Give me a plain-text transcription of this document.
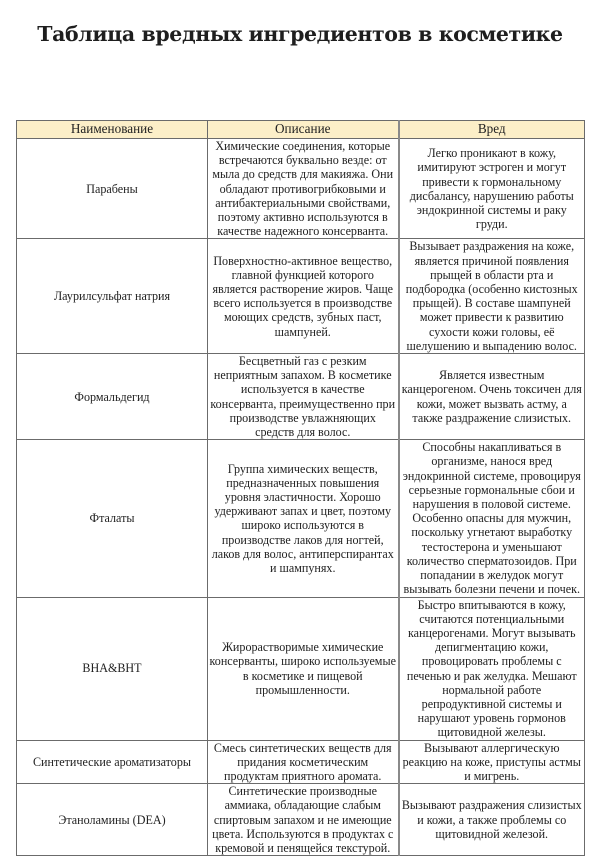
Таблица вредных ингредиентов в косметике
Наименование	Описание	Вред
Парабены	Химические соединения, которые встречаются буквально везде: от мыла до средств для макияжа. Они обладают противогрибковыми и антибактериальными свойствами, поэтому активно используются в качестве надежного консерванта.	Легко проникают в кожу, имитируют эстроген и могут привести к гормональному дисбалансу, нарушению работы эндокринной системы и раку груди.
Лаурилсульфат натрия	Поверхностно-активное вещество, главной функцией которого является растворение жиров. Чаще всего используется в производстве моющих средств, зубных паст, шампуней.	Вызывает раздражения на коже, является причиной появления прыщей в области рта и подбородка (особенно кистозных прыщей). В составе шампуней может привести к развитию сухости кожи головы, её шелушению и выпадению волос.
Формальдегид	Бесцветный газ с резким неприятным запахом. В косметике используется в качестве консерванта, преимущественно при производстве увлажняющих средств для волос.	Является известным канцерогеном. Очень токсичен для кожи, может вызвать астму, а также раздражение слизистых.
Фталаты	Группа химических веществ, предназначенных повышения уровня эластичности. Хорошо удерживают запах и цвет, поэтому широко используются в производстве лаков для ногтей, лаков для волос, антиперспирантах и шампунях.	Способны накапливаться в организме, нанося вред эндокринной системе, провоцируя серьезные гормональные сбои и нарушения в половой системе. Особенно опасны для мужчин, поскольку угнетают выработку тестостерона и уменьшают количество сперматозоидов. При попадании в желудок могут вызывать болезни печени и почек.
BHA&BHT	Жирорастворимые химические консерванты, широко используемые в косметике и пищевой промышленности.	Быстро впитываются в кожу, считаются потенциальными канцерогенами. Могут вызывать депигментацию кожи, провоцировать проблемы с печенью и рак желудка. Мешают нормальной работе репродуктивной системы и нарушают уровень гормонов щитовидной железы.
Синтетические ароматизаторы	Смесь синтетических веществ для придания косметическим продуктам приятного аромата.	Вызывают аллергическую реакцию на коже, приступы астмы и мигрень.
Этаноламины (DEA)	Синтетические производные аммиака, обладающие слабым спиртовым запахом и не имеющие цвета. Используются в продуктах с кремовой и пенящейся текстурой.	Вызывают раздражения слизистых и кожи, а также проблемы со щитовидной железой.
